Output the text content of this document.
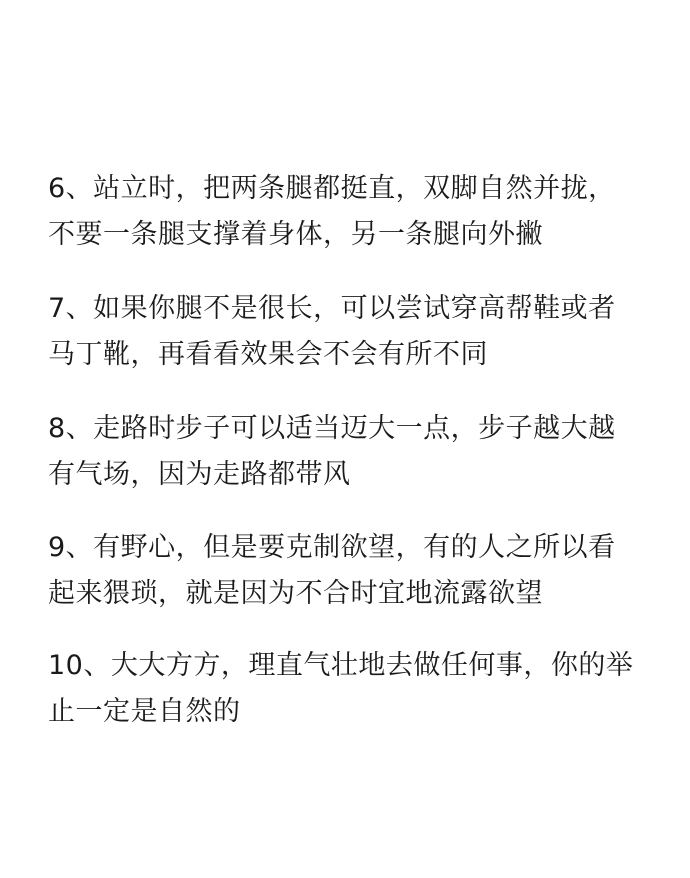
6、站立时，把两条腿都挺直，双脚自然并拢，
不要一条腿支撑着身体，另一条腿向外撇
7、如果你腿不是很长，可以尝试穿高帮鞋或者
马丁靴，再看看效果会不会有所不同
8、走路时步子可以适当迈大一点，步子越大越
有气场，因为走路都带风
9、有野心，但是要克制欲望，有的人之所以看
起来猥琐，就是因为不合时宜地流露欲望
10、大大方方，理直气壮地去做任何事，你的举
止一定是自然的
